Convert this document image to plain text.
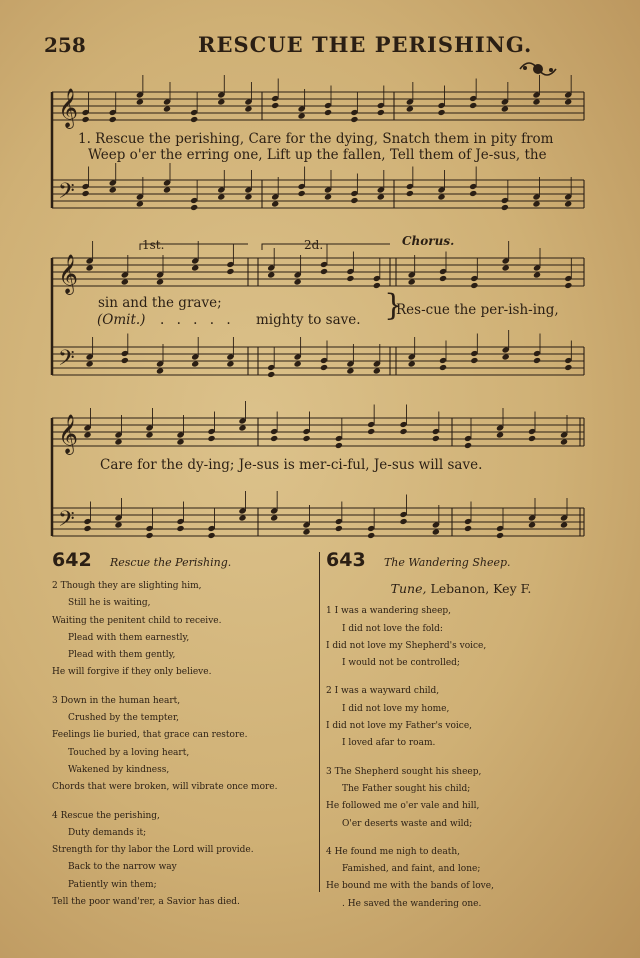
258	RESCUE THE PERISHING.
𝄞
𝄢
𝄞
𝄢
𝄞
𝄢
1. Rescue the perishing, Care for the dying, Snatch them in pity from
Weep o'er the erring one, Lift up the fallen, Tell them of Je-sus, the
1st.	2d.	Chorus.
sin and the grave;
(Omit.) . . . . . mighty to save. }
Res-cue the per-ish-ing,
Care for the dy-ing; Je-sus is mer-ci-ful, Je-sus will save.
642 Rescue the Perishing.
2 Though they are slighting him,
Still he is waiting,
Waiting the penitent child to receive.
Plead with them earnestly,
Plead with them gently,
He will forgive if they only believe.
3 Down in the human heart,
Crushed by the tempter,
Feelings lie buried, that grace can restore.
Touched by a loving heart,
Wakened by kindness,
Chords that were broken, will vibrate once more.
4 Rescue the perishing,
Duty demands it;
Strength for thy labor the Lord will provide.
Back to the narrow way
Patiently win them;
Tell the poor wand'rer, a Savior has died.
643 The Wandering Sheep.
Tune, Lebanon, Key F.
1 I was a wandering sheep,
I did not love the fold:
I did not love my Shepherd's voice,
I would not be controlled;
2 I was a wayward child,
I did not love my home,
I did not love my Father's voice,
I loved afar to roam.
3 The Shepherd sought his sheep,
The Father sought his child;
He followed me o'er vale and hill,
O'er deserts waste and wild;
4 He found me nigh to death,
Famished, and faint, and lone;
He bound me with the bands of love,
. He saved the wandering one.
